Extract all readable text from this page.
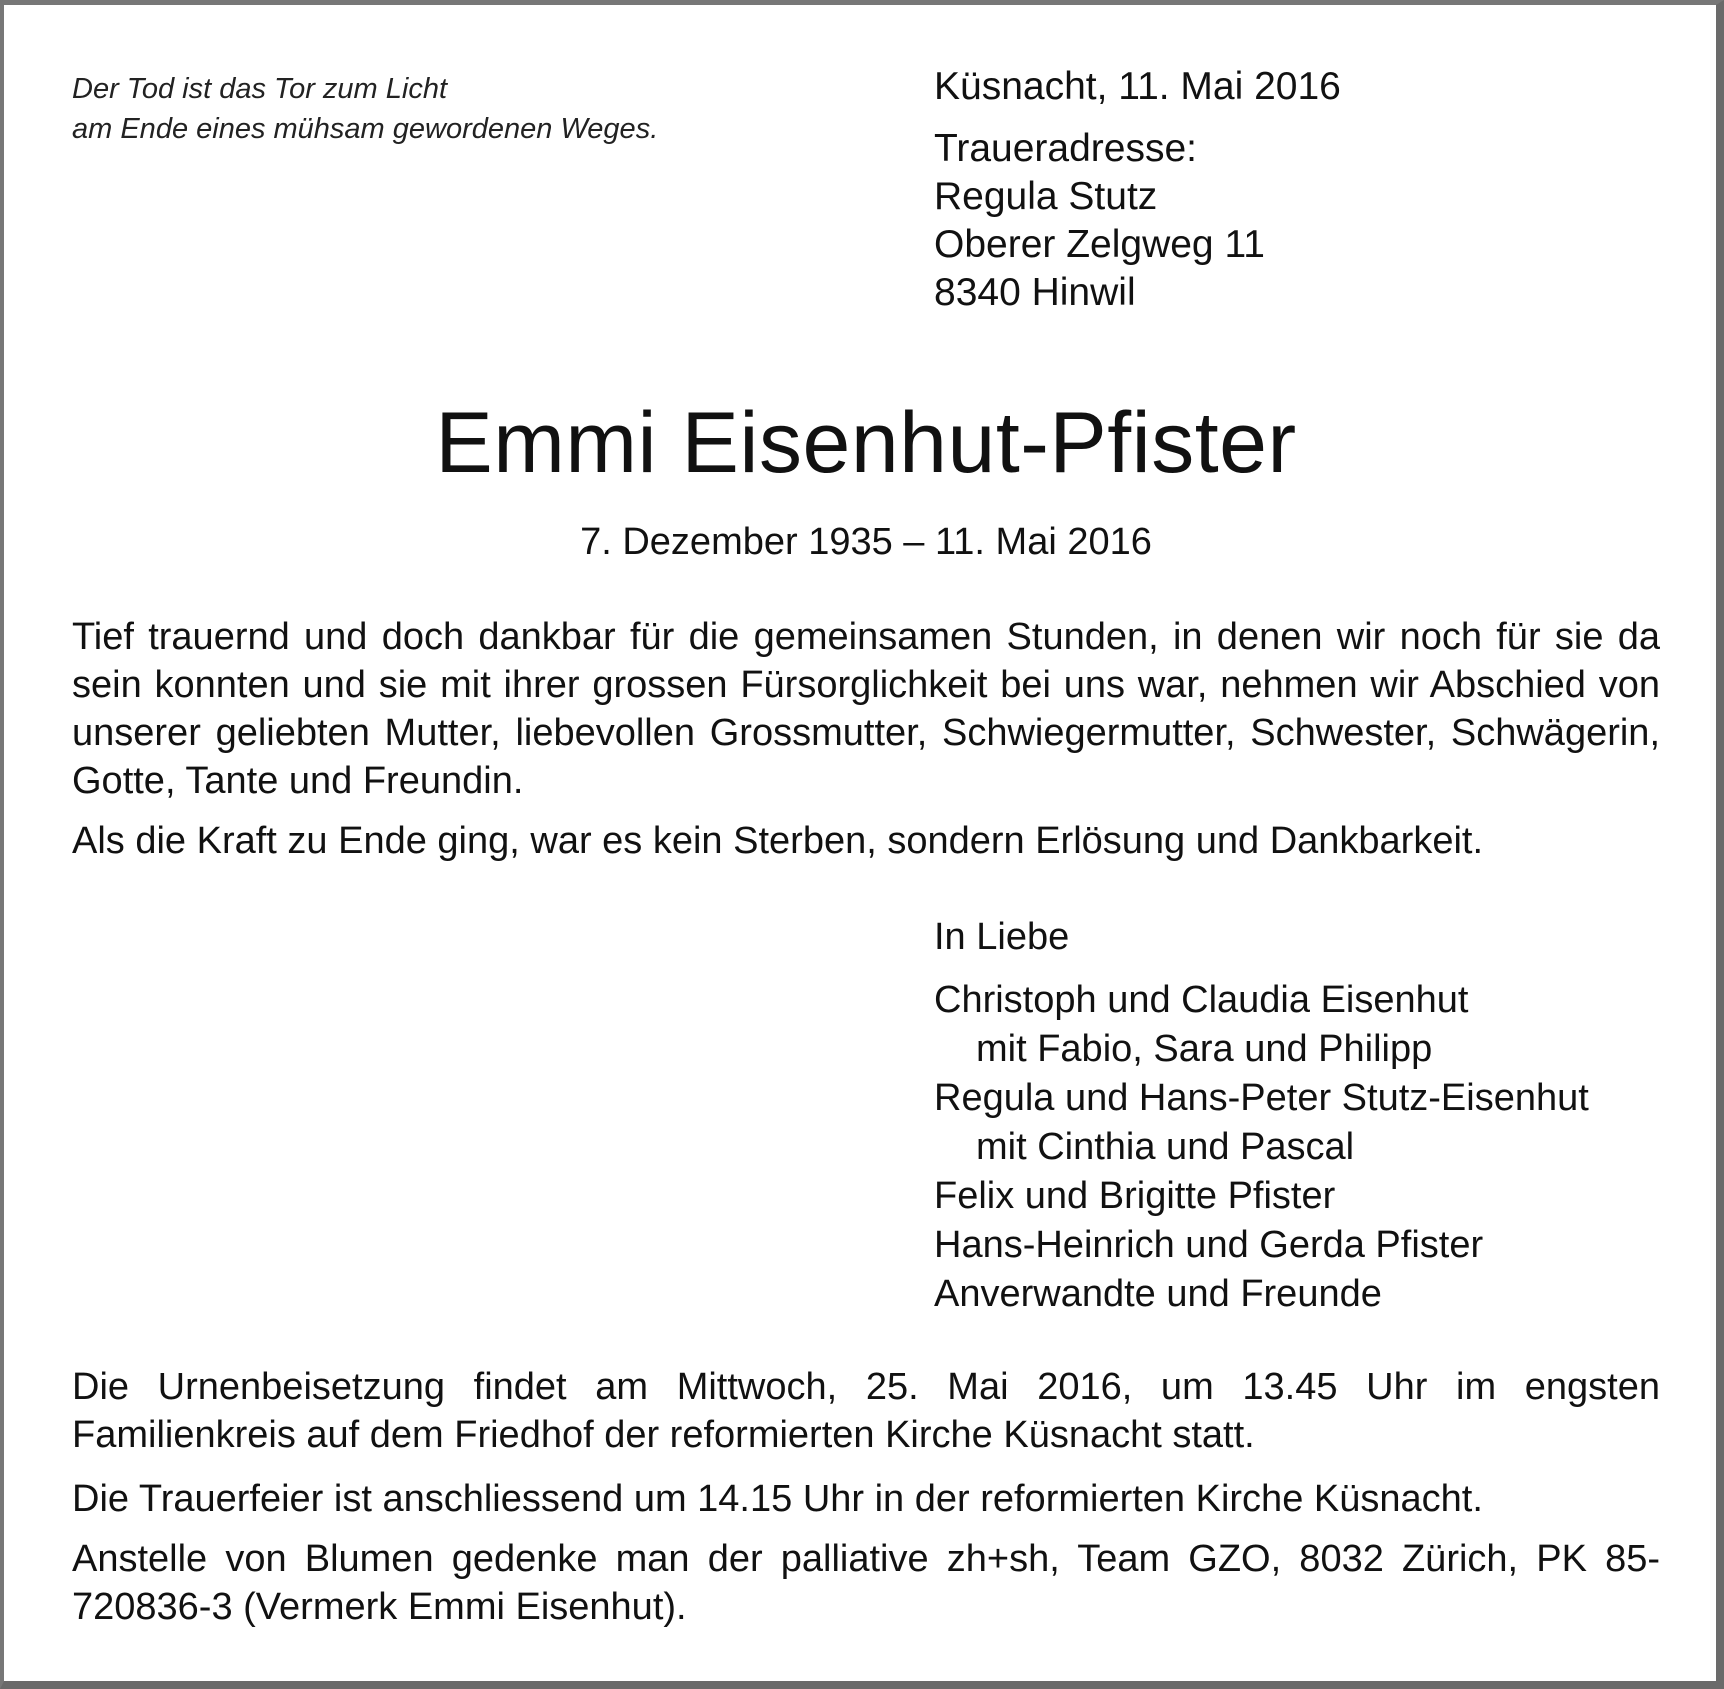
Der Tod ist das Tor zum Licht
am Ende eines mühsam gewordenen Weges.
Küsnacht, 11. Mai 2016
Traueradresse:
Regula Stutz
Oberer Zelgweg 11
8340 Hinwil
Emmi Eisenhut-Pfister
7. Dezember 1935 – 11. Mai 2016

Tief trauernd und doch dankbar für die gemeinsamen Stunden, in denen wir noch für sie da sein konnten und sie mit ihrer grossen Fürsorglichkeit bei uns war, nehmen wir Abschied von unserer geliebten Mutter, liebevollen Grossmutter, Schwiegermutter, Schwester, Schwägerin, Gotte, Tante und Freundin.

Als die Kraft zu Ende ging, war es kein Sterben, sondern Erlösung und Dankbarkeit.

In Liebe
Christoph und Claudia Eisenhut
mit Fabio, Sara und Philipp
Regula und Hans-Peter Stutz-Eisenhut
mit Cinthia und Pascal
Felix und Brigitte Pfister
Hans-Heinrich und Gerda Pfister
Anverwandte und Freunde

Die Urnenbeisetzung findet am Mittwoch, 25. Mai 2016, um 13.45 Uhr im engsten Familienkreis auf dem Friedhof der reformierten Kirche Küsnacht statt.

Die Trauerfeier ist anschliessend um 14.15 Uhr in der reformierten Kirche Küsnacht.

Anstelle von Blumen gedenke man der palliative zh+sh, Team GZO, 8032 Zürich, PK 85-720836-3 (Vermerk Emmi Eisenhut).
